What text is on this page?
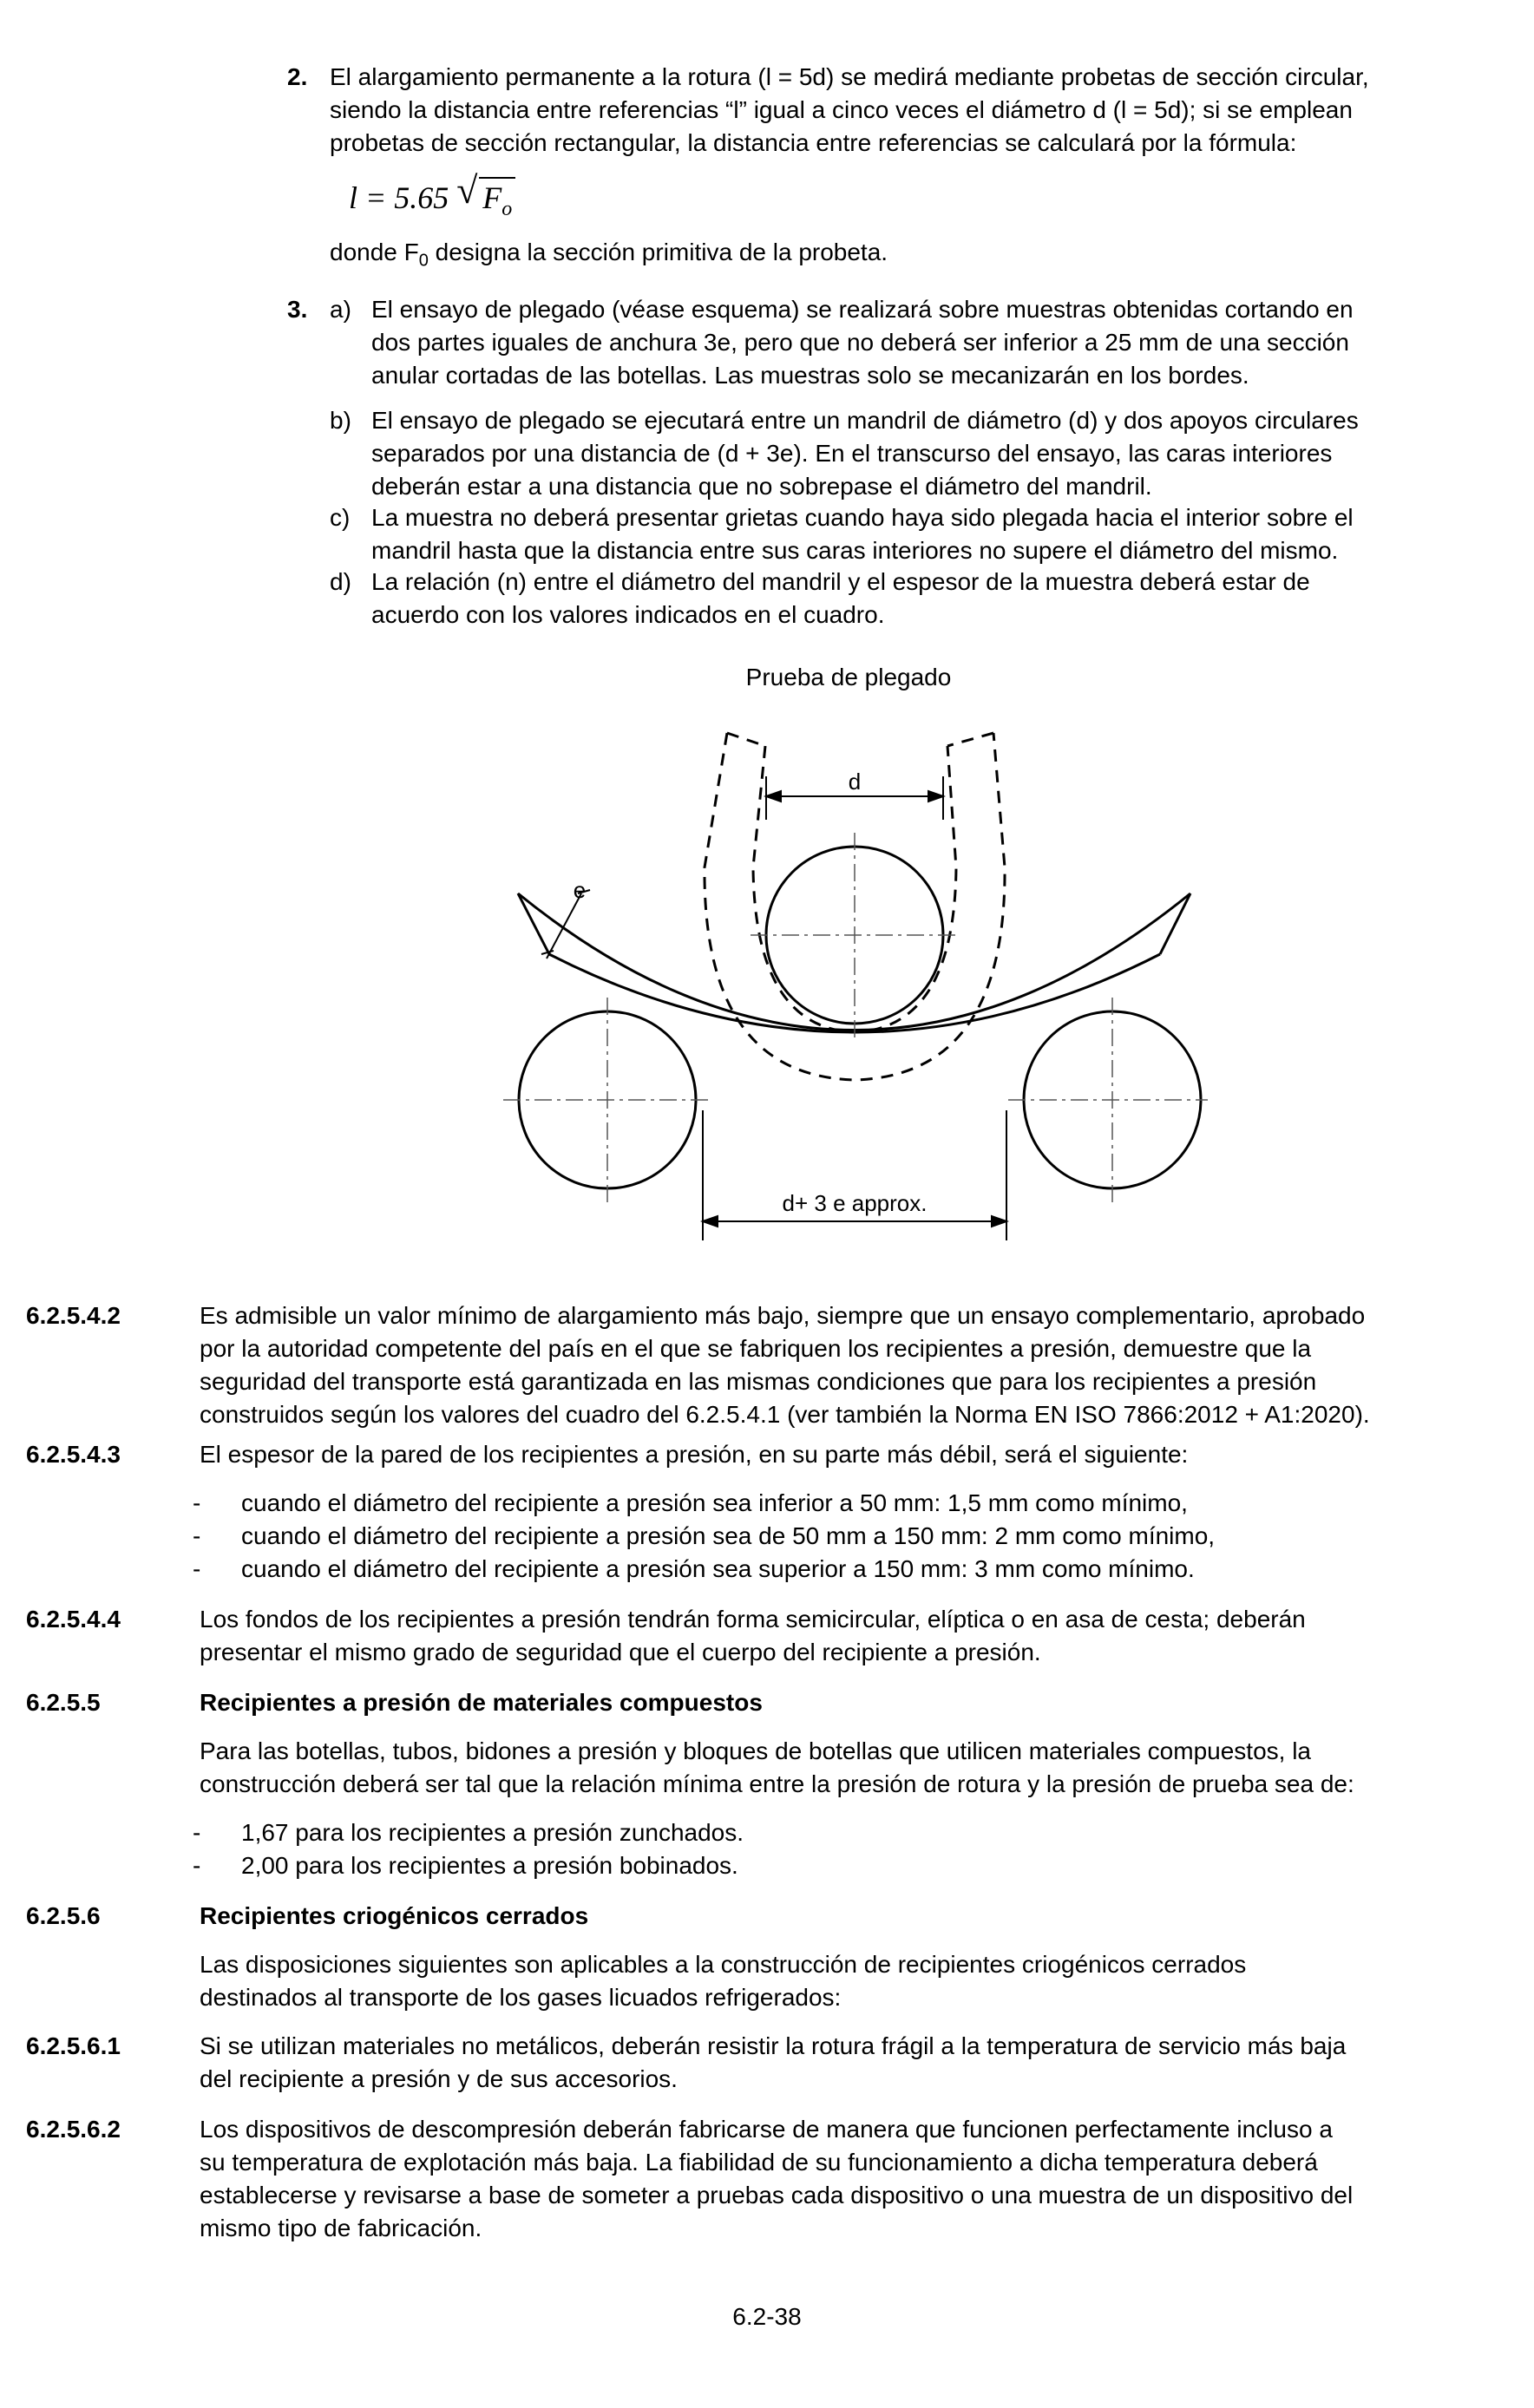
2. El alargamiento permanente a la rotura (l = 5d) se medirá mediante probetas de sección circular,
siendo la distancia entre referencias “l” igual a cinco veces el diámetro d (l = 5d); si se emplean
probetas de sección rectangular, la distancia entre referencias se calculará por la fórmula:
l = 5.65 √ $F_o$
donde $F_0$ designa la sección primitiva de la probeta.
3. a) El ensayo de plegado (véase esquema) se realizará sobre muestras obtenidas cortando en
dos partes iguales de anchura 3e, pero que no deberá ser inferior a 25 mm de una sección
anular cortadas de las botellas. Las muestras solo se mecanizarán en los bordes.
b) El ensayo de plegado se ejecutará entre un mandril de diámetro (d) y dos apoyos circulares
separados por una distancia de (d + 3e). En el transcurso del ensayo, las caras interiores
deberán estar a una distancia que no sobrepase el diámetro del mandril.
c) La muestra no deberá presentar grietas cuando haya sido plegada hacia el interior sobre el
mandril hasta que la distancia entre sus caras interiores no supere el diámetro del mismo.
d) La relación (n) entre el diámetro del mandril y el espesor de la muestra deberá estar de
acuerdo con los valores indicados en el cuadro.
Prueba de plegado
d
e
d+ 3 e approx.
6.2.5.4.2	Es admisible un valor mínimo de alargamiento más bajo, siempre que un ensayo complementario, aprobado
por la autoridad competente del país en el que se fabriquen los recipientes a presión, demuestre que la
seguridad del transporte está garantizada en las mismas condiciones que para los recipientes a presión
construidos según los valores del cuadro del 6.2.5.4.1 (ver también la Norma EN ISO 7866:2012 + A1:2020).
6.2.5.4.3	El espesor de la pared de los recipientes a presión, en su parte más débil, será el siguiente:
- cuando el diámetro del recipiente a presión sea inferior a 50 mm: 1,5 mm como mínimo,
- cuando el diámetro del recipiente a presión sea de 50 mm a 150 mm: 2 mm como mínimo,
- cuando el diámetro del recipiente a presión sea superior a 150 mm: 3 mm como mínimo.
6.2.5.4.4	Los fondos de los recipientes a presión tendrán forma semicircular, elíptica o en asa de cesta; deberán
presentar el mismo grado de seguridad que el cuerpo del recipiente a presión.
6.2.5.5	Recipientes a presión de materiales compuestos
Para las botellas, tubos, bidones a presión y bloques de botellas que utilicen materiales compuestos, la
construcción deberá ser tal que la relación mínima entre la presión de rotura y la presión de prueba sea de:
- 1,67 para los recipientes a presión zunchados.
- 2,00 para los recipientes a presión bobinados.
6.2.5.6	Recipientes criogénicos cerrados
Las disposiciones siguientes son aplicables a la construcción de recipientes criogénicos cerrados
destinados al transporte de los gases licuados refrigerados:
6.2.5.6.1	Si se utilizan materiales no metálicos, deberán resistir la rotura frágil a la temperatura de servicio más baja
del recipiente a presión y de sus accesorios.
6.2.5.6.2	Los dispositivos de descompresión deberán fabricarse de manera que funcionen perfectamente incluso a
su temperatura de explotación más baja. La fiabilidad de su funcionamiento a dicha temperatura deberá
establecerse y revisarse a base de someter a pruebas cada dispositivo o una muestra de un dispositivo del
mismo tipo de fabricación.
6.2-38
